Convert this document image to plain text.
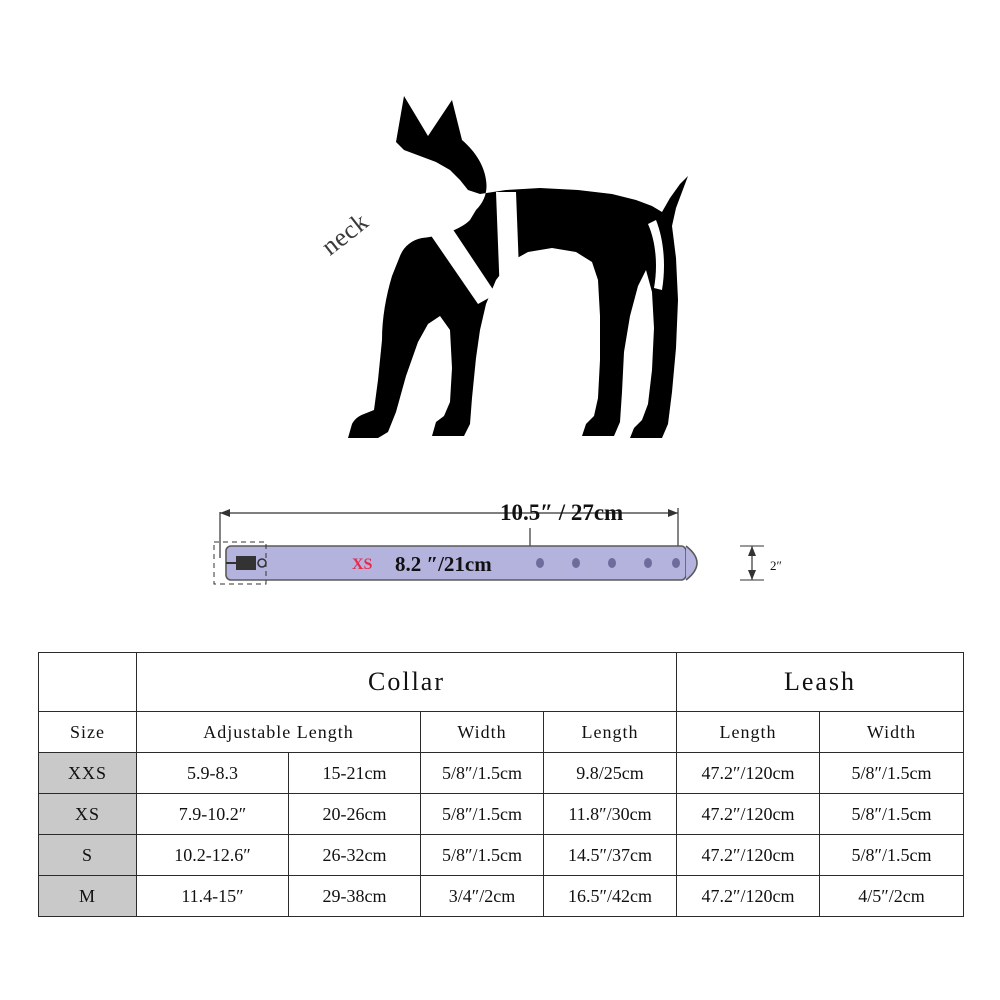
neck
10.5″ / 27cm
XS 8.2 ″/21cm	2″
	Collar				Leash	
Size	Adjustable Length		Width	Length	Length	Width
XXS	5.9-8.3	15-21cm	5/8″/1.5cm	9.8/25cm	47.2″/120cm	5/8″/1.5cm
XS	7.9-10.2″	20-26cm	5/8″/1.5cm	11.8″/30cm	47.2″/120cm	5/8″/1.5cm
S	10.2-12.6″	26-32cm	5/8″/1.5cm	14.5″/37cm	47.2″/120cm	5/8″/1.5cm
M	11.4-15″	29-38cm	3/4″/2cm	16.5″/42cm	47.2″/120cm	4/5″/2cm
